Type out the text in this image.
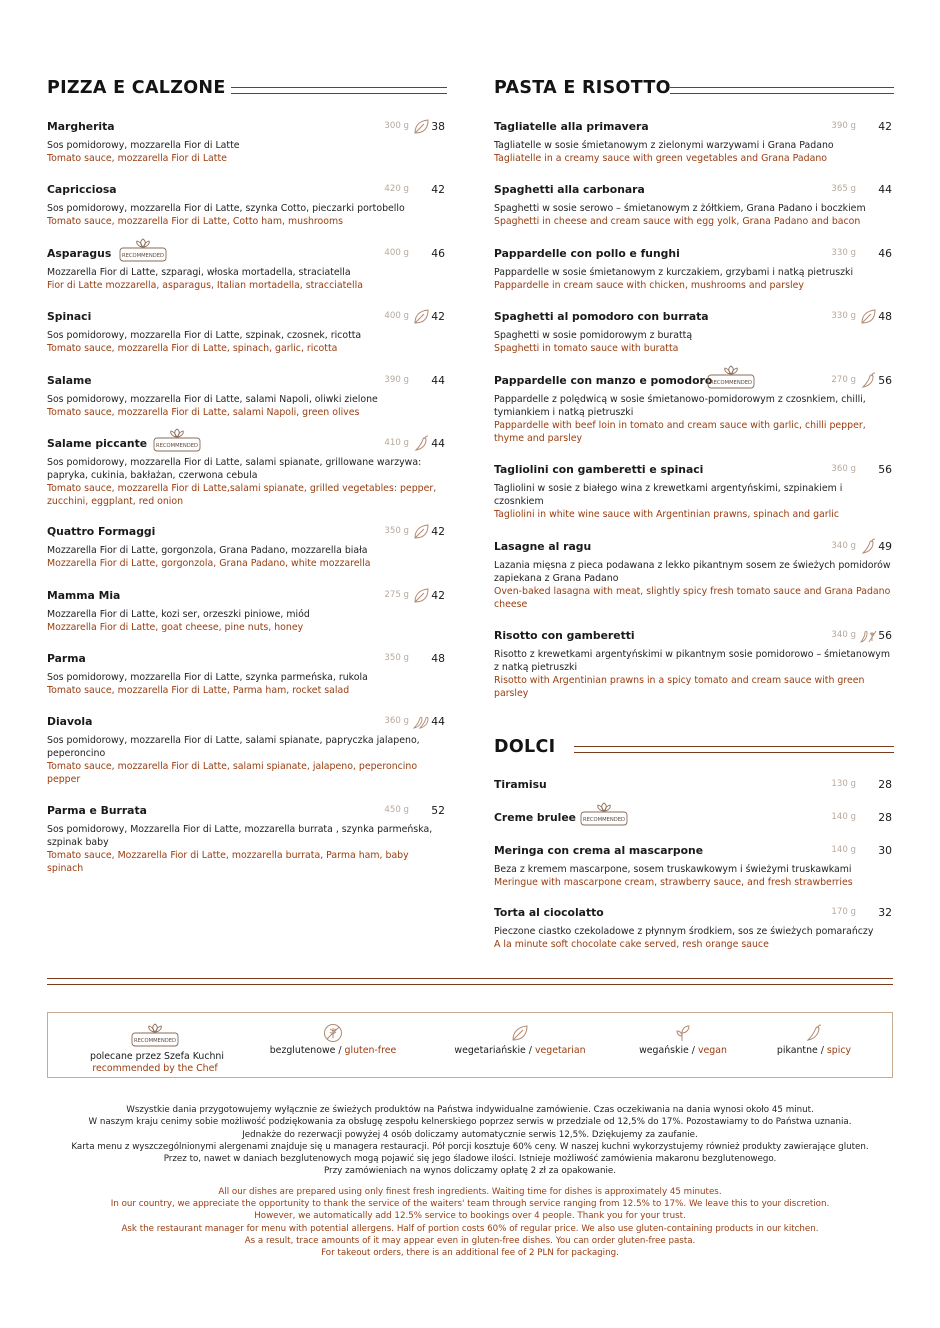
PIZZA E CALZONE
Margherita	300 g 38
Sos pomidorowy, mozzarella Fior di Latte
Tomato sauce, mozzarella Fior di Latte
Capricciosa	420 g 42
Sos pomidorowy, mozzarella Fior di Latte, szynka Cotto, pieczarki portobello
Tomato sauce, mozzarella Fior di Latte, Cotto ham, mushrooms
Asparagus RECOMMENDED	400 g 46
Mozzarella Fior di Latte, szparagi, włoska mortadella, straciatella
Fior di Latte mozzarella, asparagus, Italian mortadella, stracciatella
Spinaci	400 g 42
Sos pomidorowy, mozzarella Fior di Latte, szpinak, czosnek, ricotta
Tomato sauce, mozzarella Fior di Latte, spinach, garlic, ricotta
Salame	390 g 44
Sos pomidorowy, mozzarella Fior di Latte, salami Napoli, oliwki zielone
Tomato sauce, mozzarella Fior di Latte, salami Napoli, green olives
Salame piccante RECOMMENDED	410 g 44
Sos pomidorowy, mozzarella Fior di Latte, salami spianate, grillowane warzywa: papryka, cukinia, bakłażan, czerwona cebula
Tomato sauce, mozzarella Fior di Latte,salami spianate, grilled vegetables: pepper, zucchini, eggplant, red onion
Quattro Formaggi	350 g 42
Mozzarella Fior di Latte, gorgonzola, Grana Padano, mozzarella biała
Mozzarella Fior di Latte, gorgonzola, Grana Padano, white mozzarella
Mamma Mia	275 g 42
Mozzarella Fior di Latte, kozi ser, orzeszki piniowe, miód
Mozzarella Fior di Latte, goat cheese, pine nuts, honey
Parma	350 g 48
Sos pomidorowy, mozzarella Fior di Latte, szynka parmeńska, rukola
Tomato sauce, mozzarella Fior di Latte, Parma ham, rocket salad
Diavola	360 g 44
Sos pomidorowy, mozzarella Fior di Latte, salami spianate, papryczka jalapeno, peperoncino
Tomato sauce, mozzarella Fior di Latte, salami spianate, jalapeno, peperoncino pepper
Parma e Burrata	450 g 52
Sos pomidorowy, Mozzarella Fior di Latte, mozzarella burrata , szynka parmeńska, szpinak baby
Tomato sauce, Mozzarella Fior di Latte, mozzarella burrata, Parma ham, baby spinach
PASTA E RISOTTO
Tagliatelle alla primavera	390 g 42
Tagliatelle w sosie śmietanowym z zielonymi warzywami i Grana Padano
Tagliatelle in a creamy sauce with green vegetables and Grana Padano
Spaghetti alla carbonara	365 g 44
Spaghetti w sosie serowo – śmietanowym z żółtkiem, Grana Padano i boczkiem
Spaghetti in cheese and cream sauce with egg yolk, Grana Padano and bacon
Pappardelle con pollo e funghi	330 g 46
Pappardelle w sosie śmietanowym z kurczakiem, grzybami i natką pietruszki
Pappardelle in cream sauce with chicken, mushrooms and parsley
Spaghetti al pomodoro con burrata	330 g 48
Spaghetti w sosie pomidorowym z burattą
Spaghetti in tomato sauce with buratta
Pappardelle con manzo e pomodoro
RECOMMENDED	270 g 56
Pappardelle z polędwicą w sosie śmietanowo-pomidorowym z czosnkiem, chilli, tymiankiem i natką pietruszki
Pappardelle with beef loin in tomato and cream sauce with garlic, chilli pepper, thyme and parsley
Tagliolini con gamberetti e spinaci	360 g 56
Tagliolini w sosie z białego wina z krewetkami argentyńskimi, szpinakiem i czosnkiem
Tagliolini in white wine sauce with Argentinian prawns, spinach and garlic
Lasagne al ragu	340 g 49
Lazania mięsna z pieca podawana z lekko pikantnym sosem ze świeżych pomidorów zapiekana z Grana Padano
Oven-baked lasagna with meat, slightly spicy fresh tomato sauce and Grana Padano cheese
Risotto con gamberetti	340 g 56
Risotto z krewetkami argentyńskimi w pikantnym sosie pomidorowo – śmietanowym z natką pietruszki
Risotto with Argentinian prawns in a spicy tomato and cream sauce with green parsley
DOLCI
Tiramisu	130 g 28
Creme brulee RECOMMENDED	140 g 28
Meringa con crema al mascarpone	140 g 30
Beza z kremem mascarpone, sosem truskawkowym i świeżymi truskawkami
Meringue with mascarpone cream, strawberry sauce, and fresh strawberries
Torta al ciocolatto	170 g 32
Pieczone ciastko czekoladowe z płynnym środkiem, sos ze świeżych pomarańczy
A la minute soft chocolate cake served, resh orange sauce
RECOMMENDED
polecane przez Szefa Kuchni
recommended by the Chef
bezglutenowe / gluten-free	wegetariańskie / vegetarian	wegańskie / vegan	pikantne / spicy
Wszystkie dania przygotowujemy wyłącznie ze świeżych produktów na Państwa indywidualne zamówienie. Czas oczekiwania na dania wynosi około 45 minut.
W naszym kraju cenimy sobie możliwość podziękowania za obsługę zespołu kelnerskiego poprzez serwis w przedziale od 12,5% do 17%. Pozostawiamy to do Państwa uznania.
Jednakże do rezerwacji powyżej 4 osób doliczamy automatycznie serwis 12,5%. Dziękujemy za zaufanie.
Karta menu z wyszczególnionymi alergenami znajduje się u managera restauracji. Pół porcji kosztuje 60% ceny. W naszej kuchni wykorzystujemy również produkty zawierające gluten.
Przez to, nawet w daniach bezglutenowych mogą pojawić się jego śladowe ilości. Istnieje możliwość zamówienia makaronu bezglutenowego.
Przy zamówieniach na wynos doliczamy opłatę 2 zł za opakowanie.
All our dishes are prepared using only finest fresh ingredients. Waiting time for dishes is approximately 45 minutes.
In our country, we appreciate the opportunity to thank the service of the waiters' team through service ranging from 12.5% to 17%. We leave this to your discretion.
However, we automatically add 12.5% service to bookings over 4 people. Thank you for your trust.
Ask the restaurant manager for menu with potential allergens. Half of portion costs 60% of regular price. We also use gluten-containing products in our kitchen.
As a result, trace amounts of it may appear even in gluten-free dishes. You can order gluten-free pasta.
For takeout orders, there is an additional fee of 2 PLN for packaging.
